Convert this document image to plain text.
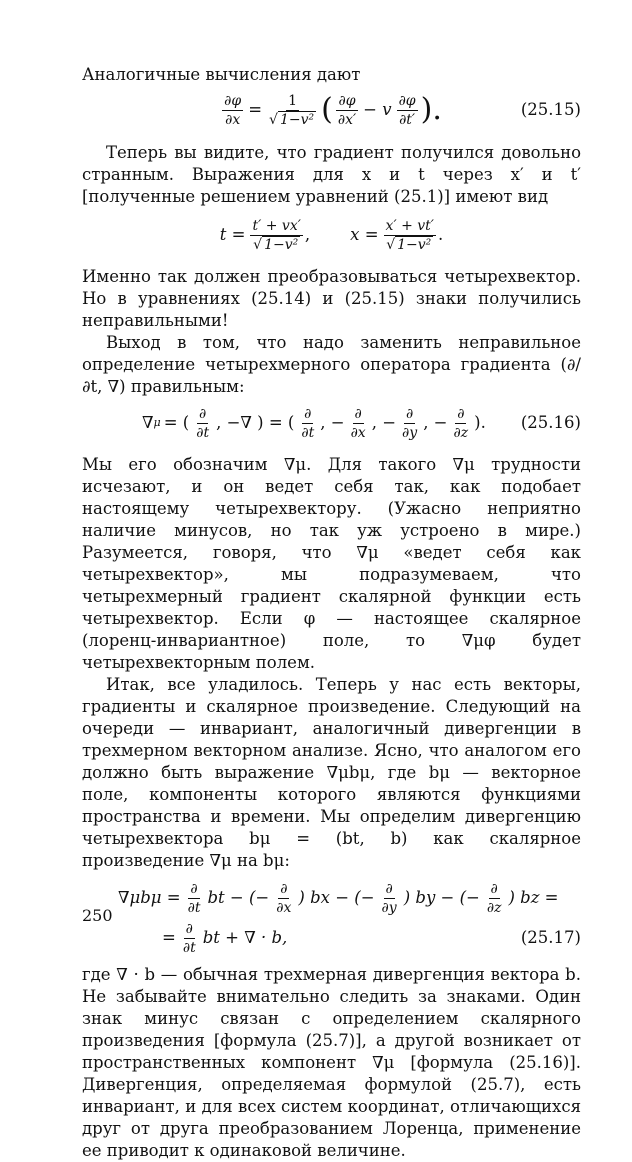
Аналогичные вычисления дают

$\frac{\partial\varphi}{\partial x} = \frac{1}{\text{√ 1−v²}}$ ( $\frac{\partial\varphi}{\partial x'} - v \frac{\partial\varphi}{\partial t'}$ ).	(25.15)

Теперь вы видите, что градиент получился довольно странным. Выражения для x и t через x′ и t′ [полученные решением уравнений (25.1)] имеют вид

$t = \frac{t' + vx'}{\text{√ 1−v²}}$ , $x = \frac{x' + vt'}{\text{√ 1−v²}}$ .

Именно так должен преобразовываться четырехвектор. Но в уравнениях (25.14) и (25.15) знаки получились неправильными!

Выход в том, что надо заменить неправильное определение четырехмерного оператора градиента (∂/∂t, ∇) правильным:

∇ μ = ( $\frac{\partial}{\partial t}$ , −∇ ) = ( $\frac{\partial}{\partial t}$ , − $\frac{\partial}{\partial x}$ , − $\frac{\partial}{\partial y}$ , − $\frac{\partial}{\partial z}$ ). (25.16)

Мы его обозначим ∇μ. Для такого ∇μ трудности исчезают, и он ведет себя так, как подобает настоящему четырехвектору. (Ужасно неприятно наличие минусов, но так уж устроено в мире.) Разумеется, говоря, что ∇μ «ведет себя как четырехвектор», мы подразумеваем, что четырехмерный градиент скалярной функции есть четырехвектор. Если φ — настоящее скалярное (лоренц-инвариантное) поле, то ∇μφ будет четырехвекторным полем.

Итак, все уладилось. Теперь у нас есть векторы, градиенты и скалярное произведение. Следующий на очереди — инвариант, аналогичный дивергенции в трехмерном векторном анализе. Ясно, что аналогом его должно быть выражение ∇μbμ, где bμ — векторное поле, компоненты которого являются функциями пространства и времени. Мы определим дивергенцию четырехвектора bμ = (bt, b) как скалярное произведение ∇μ на bμ:

$\nabla\mu b\mu = \frac{\partial}{\partial t}$ bt − (− $\frac{\partial}{\partial x}$ ) bx − (− $\frac{\partial}{\partial y}$ ) by − (− $\frac{\partial}{\partial z}$ ) bz =
= $\frac{\partial}{\partial t}$ bt + ∇ · b,	(25.17)

где ∇ · b — обычная трехмерная дивергенция вектора b. Не забывайте внимательно следить за знаками. Один знак минус связан с определением скалярного произведения [формула (25.7)], а другой возникает от пространственных компонент ∇μ [формула (25.16)]. Дивергенция, определяемая формулой (25.7), есть инвариант, и для всех систем координат, отличающихся друг от друга преобразованием Лоренца, применение ее приводит к одинаковой величине.

250
